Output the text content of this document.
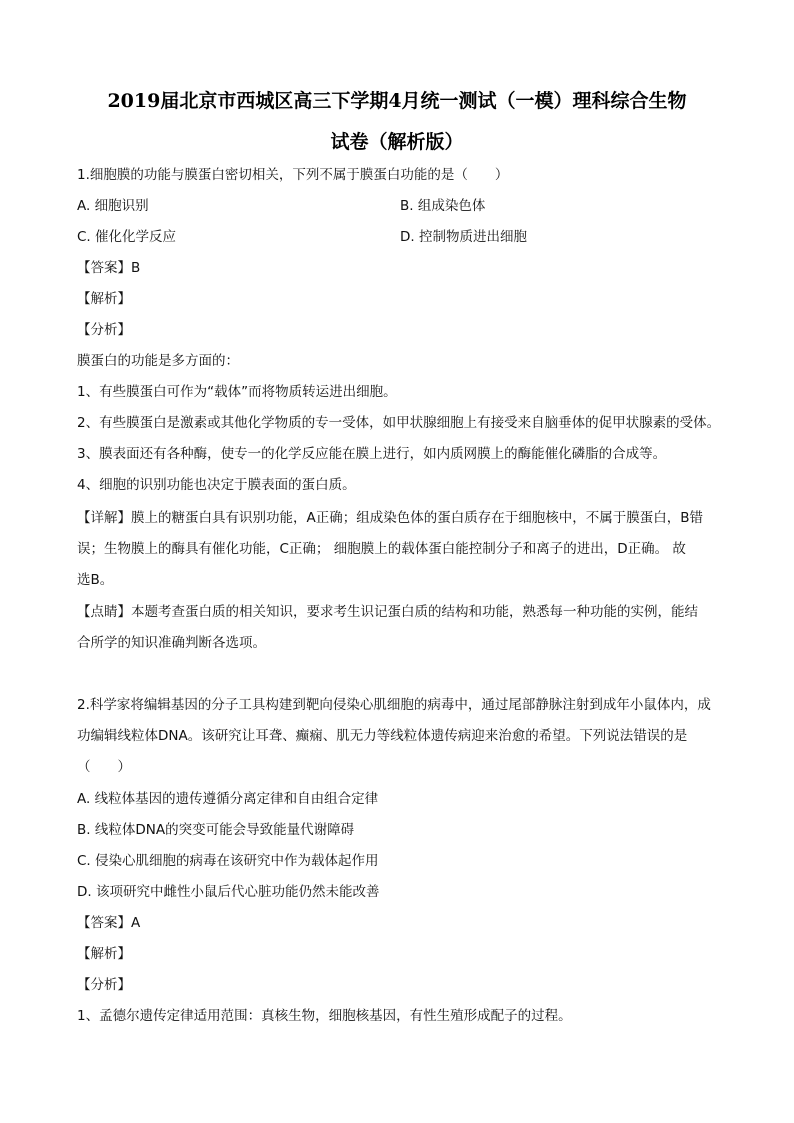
2019届北京市西城区高三下学期4月统一测试（一模）理科综合生物
试卷（解析版）
1.细胞膜的功能与膜蛋白密切相关，下列不属于膜蛋白功能的是（　　）
A. 细胞识别	B. 组成染色体
C. 催化化学反应	D. 控制物质进出细胞
【答案】B
【解析】
【分析】
膜蛋白的功能是多方面的：
1、有些膜蛋白可作为“载体”而将物质转运进出细胞。
2、有些膜蛋白是激素或其他化学物质的专一受体，如甲状腺细胞上有接受来自脑垂体的促甲状腺素的受体。
3、膜表面还有各种酶，使专一的化学反应能在膜上进行，如内质网膜上的酶能催化磷脂的合成等。
4、细胞的识别功能也决定于膜表面的蛋白质。
【详解】膜上的糖蛋白具有识别功能，A正确；组成染色体的蛋白质存在于细胞核中，不属于膜蛋白，B错
误；生物膜上的酶具有催化功能，C正确； 细胞膜上的载体蛋白能控制分子和离子的进出，D正确。 故
选B。
【点睛】本题考查蛋白质的相关知识，要求考生识记蛋白质的结构和功能，熟悉每一种功能的实例，能结
合所学的知识准确判断各选项。
2.科学家将编辑基因的分子工具构建到靶向侵染心肌细胞的病毒中，通过尾部静脉注射到成年小鼠体内，成
功编辑线粒体DNA。该研究让耳聋、癫痫、肌无力等线粒体遗传病迎来治愈的希望。下列说法错误的是
（　　）
A. 线粒体基因的遗传遵循分离定律和自由组合定律
B. 线粒体DNA的突变可能会导致能量代谢障碍
C. 侵染心肌细胞的病毒在该研究中作为载体起作用
D. 该项研究中雌性小鼠后代心脏功能仍然未能改善
【答案】A
【解析】
【分析】
1、孟德尔遗传定律适用范围：真核生物，细胞核基因，有性生殖形成配子的过程。
